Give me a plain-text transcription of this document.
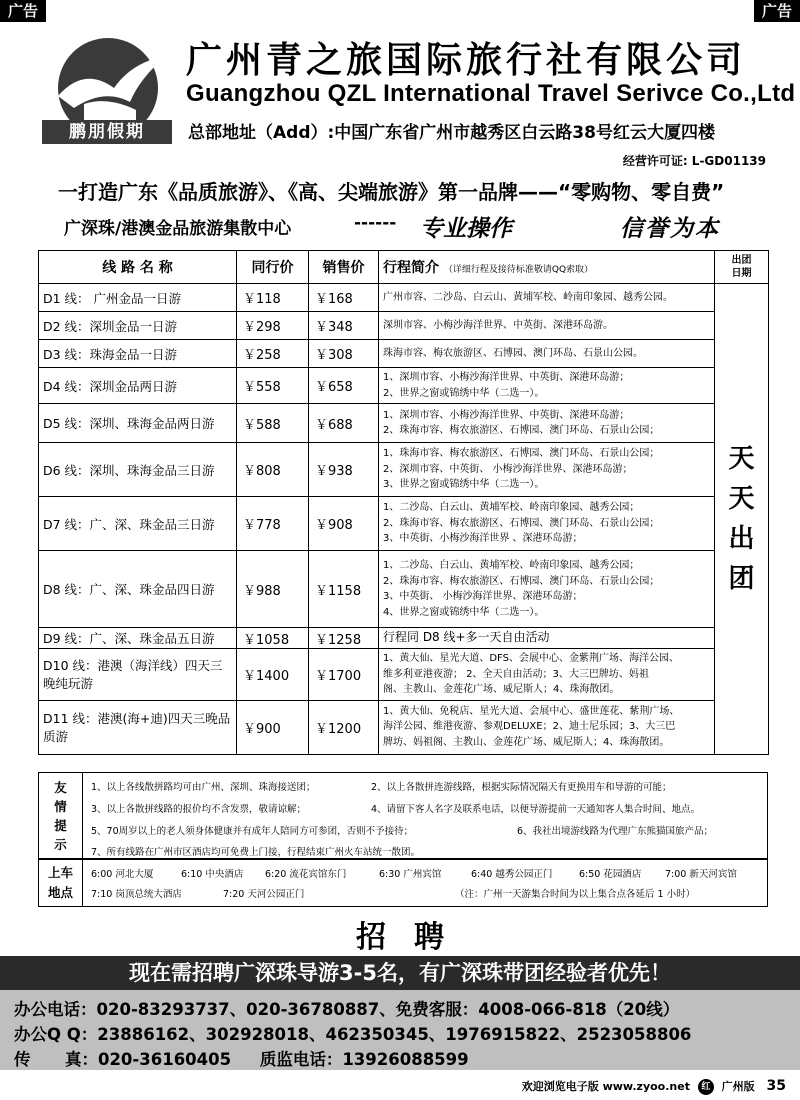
广告	广告
鹏朋假期
广州青之旅国际旅行社有限公司
Guangzhou QZL International Travel Serivce Co.,Ltd
总部地址（Add）:中国广东省广州市越秀区白云路38号红云大厦四楼
经营许可证: L-GD01139
一打造广东《品质旅游》、《高、尖端旅游》第一品牌——“零购物、零自费”
广深珠/港澳金品旅游集散中心	------ 专业操作	信誉为本
线 路 名 称	同行价	销售价	行程简介 （详细行程及接待标准敬请QQ索取）	出团
日期

D1 线： 广州金品一日游	￥118	￥168	广州市容、二沙岛、白云山、黄埔军校、岭南印象园、越秀公园。	天
天
出
团

D2 线：深圳金品一日游	￥298	￥348	深圳市容、小梅沙海洋世界、中英街、深港环岛游。	

D3 线：珠海金品一日游	￥258	￥308	珠海市容、梅农旅游区、石博园、澳门环岛、石景山公园。	

D4 线：深圳金品两日游	￥558	￥658	1、深圳市容、小梅沙海洋世界、中英街、深港环岛游；
2、世界之窗或锦绣中华（二选一）。	

D5 线：深圳、珠海金品两日游	￥588	￥688	1、深圳市容、小梅沙海洋世界、中英街、深港环岛游；
2、珠海市容、梅农旅游区、石博园、澳门环岛、石景山公园；	

D6 线：深圳、珠海金品三日游	￥808	￥938	1、珠海市容、梅农旅游区、石博园、澳门环岛、石景山公园；
2、深圳市容、中英街、 小梅沙海洋世界、深港环岛游；
3、世界之窗或锦绣中华（二选一）。	

D7 线：广、深、珠金品三日游	￥778	￥908	1、二沙岛、白云山、黄埔军校、岭南印象园、越秀公园；
2、珠海市容、梅农旅游区、石博园、澳门环岛、石景山公园；
3、中英街、小梅沙海洋世界 、深港环岛游；	

D8 线：广、深、珠金品四日游	￥988	￥1158	1、二沙岛、白云山、黄埔军校、岭南印象园、越秀公园；
2、珠海市容、梅农旅游区、石博园、澳门环岛、石景山公园；
3、中英街、 小梅沙海洋世界、深港环岛游；
4、世界之窗或锦绣中华（二选一）。	

D9 线：广、深、珠金品五日游	￥1058	￥1258	行程同 D8 线+多一天自由活动	

D10 线：港澳（海洋线）四天三晚纯玩游	￥1400	￥1700	1、黄大仙、星光大道、DFS、会展中心、金紫荆广场、海洋公园、
维多利亚港夜游； 2、全天自由活动；3、大三巴牌坊、妈祖
阁、主教山、金莲花广场、威尼斯人；4、珠海散团。	

D11 线：港澳(海+迪)四天三晚品质游	￥900	￥1200	1、黄大仙、免税店、星光大道、会展中心、盛世莲花、紫荆广场、
海洋公园、维港夜游、参观DELUXE；2、迪士尼乐园；3、大三巴
牌坊、妈祖阁、主教山、金莲花广场、威尼斯人；4、珠海散团。	
友
情
提
示
1、以上各线散拼路均可由广州、深圳、珠海接送团；	2、以上各散拼连游线路，根据实际情况隔天有更换用车和导游的可能；
3、以上各散拼线路的报价均不含发票，敬请谅解；	4、请留下客人名字及联系电话，以便导游提前一天通知客人集合时间、地点。
5、70周岁以上的老人须身体健康并有成年人陪同方可参团，否则不予接待；	6、我社出境游线路为代理广东熊猫国旅产品；
7、所有线路在广州市区酒店均可免费上门接，行程结束广州火车站统一散团。
上车
地点
6:00 河北大厦	6:10 中央酒店 6:20 流花宾馆东门	6:30 广州宾馆	6:40 越秀公园正门	6:50 花园酒店 7:00 新天河宾馆
7:10 岗顶总统大酒店	7:20 天河公园正门	（注：广州一天游集合时间为以上集合点各延后 1 小时）
招聘
现在需招聘广深珠导游3-5名，有广深珠带团经验者优先！
办公电话：020-83293737、020-36780887、免费客服：4008-066-818（20线）
办公Q Q：23886162、302928018、462350345、1976915822、2523058806
传      真：020-36160405     质监电话：13926088599
欢迎浏览电子版 www.zyoo.net 红 广州版 35
